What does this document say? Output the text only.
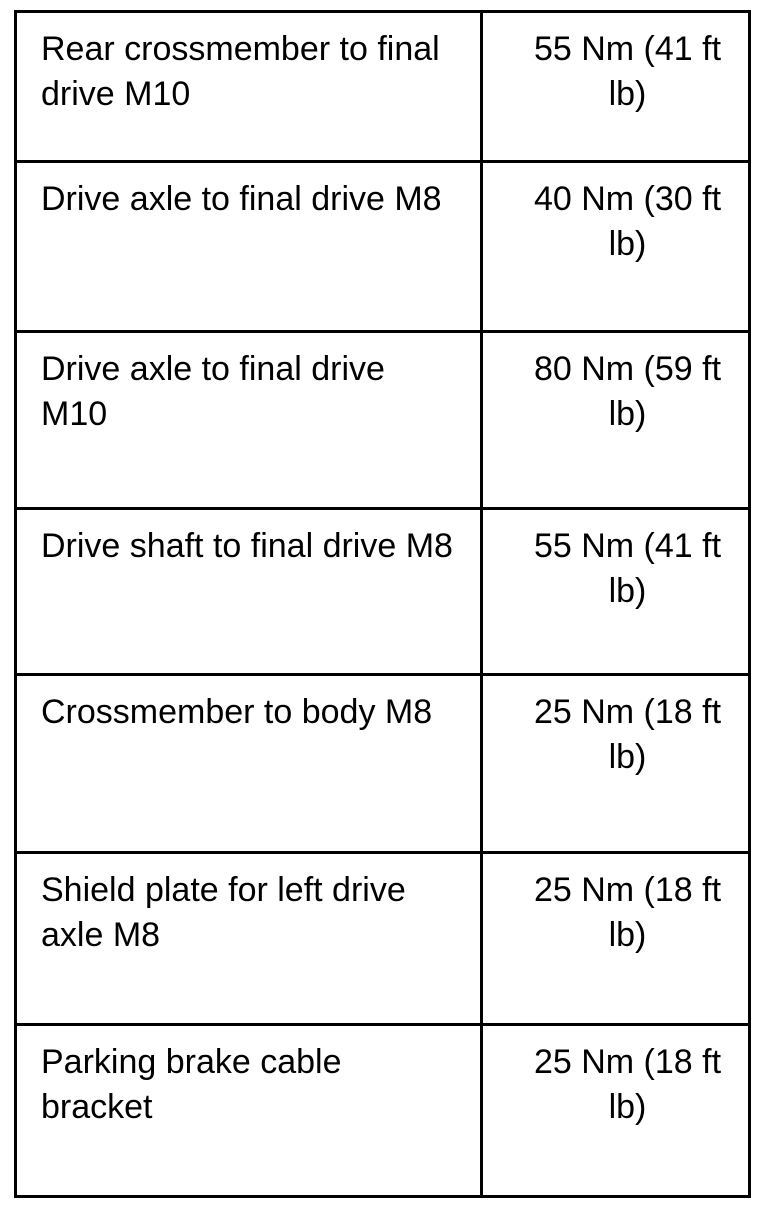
Rear crossmember to final drive M10	55 Nm (41 ft lb)
Drive axle to final drive M8	40 Nm (30 ft lb)
Drive axle to final drive M10	80 Nm (59 ft lb)
Drive shaft to final drive M8	55 Nm (41 ft lb)
Crossmember to body M8	25 Nm (18 ft lb)
Shield plate for left drive axle M8	25 Nm (18 ft lb)
Parking brake cable bracket	25 Nm (18 ft lb)
